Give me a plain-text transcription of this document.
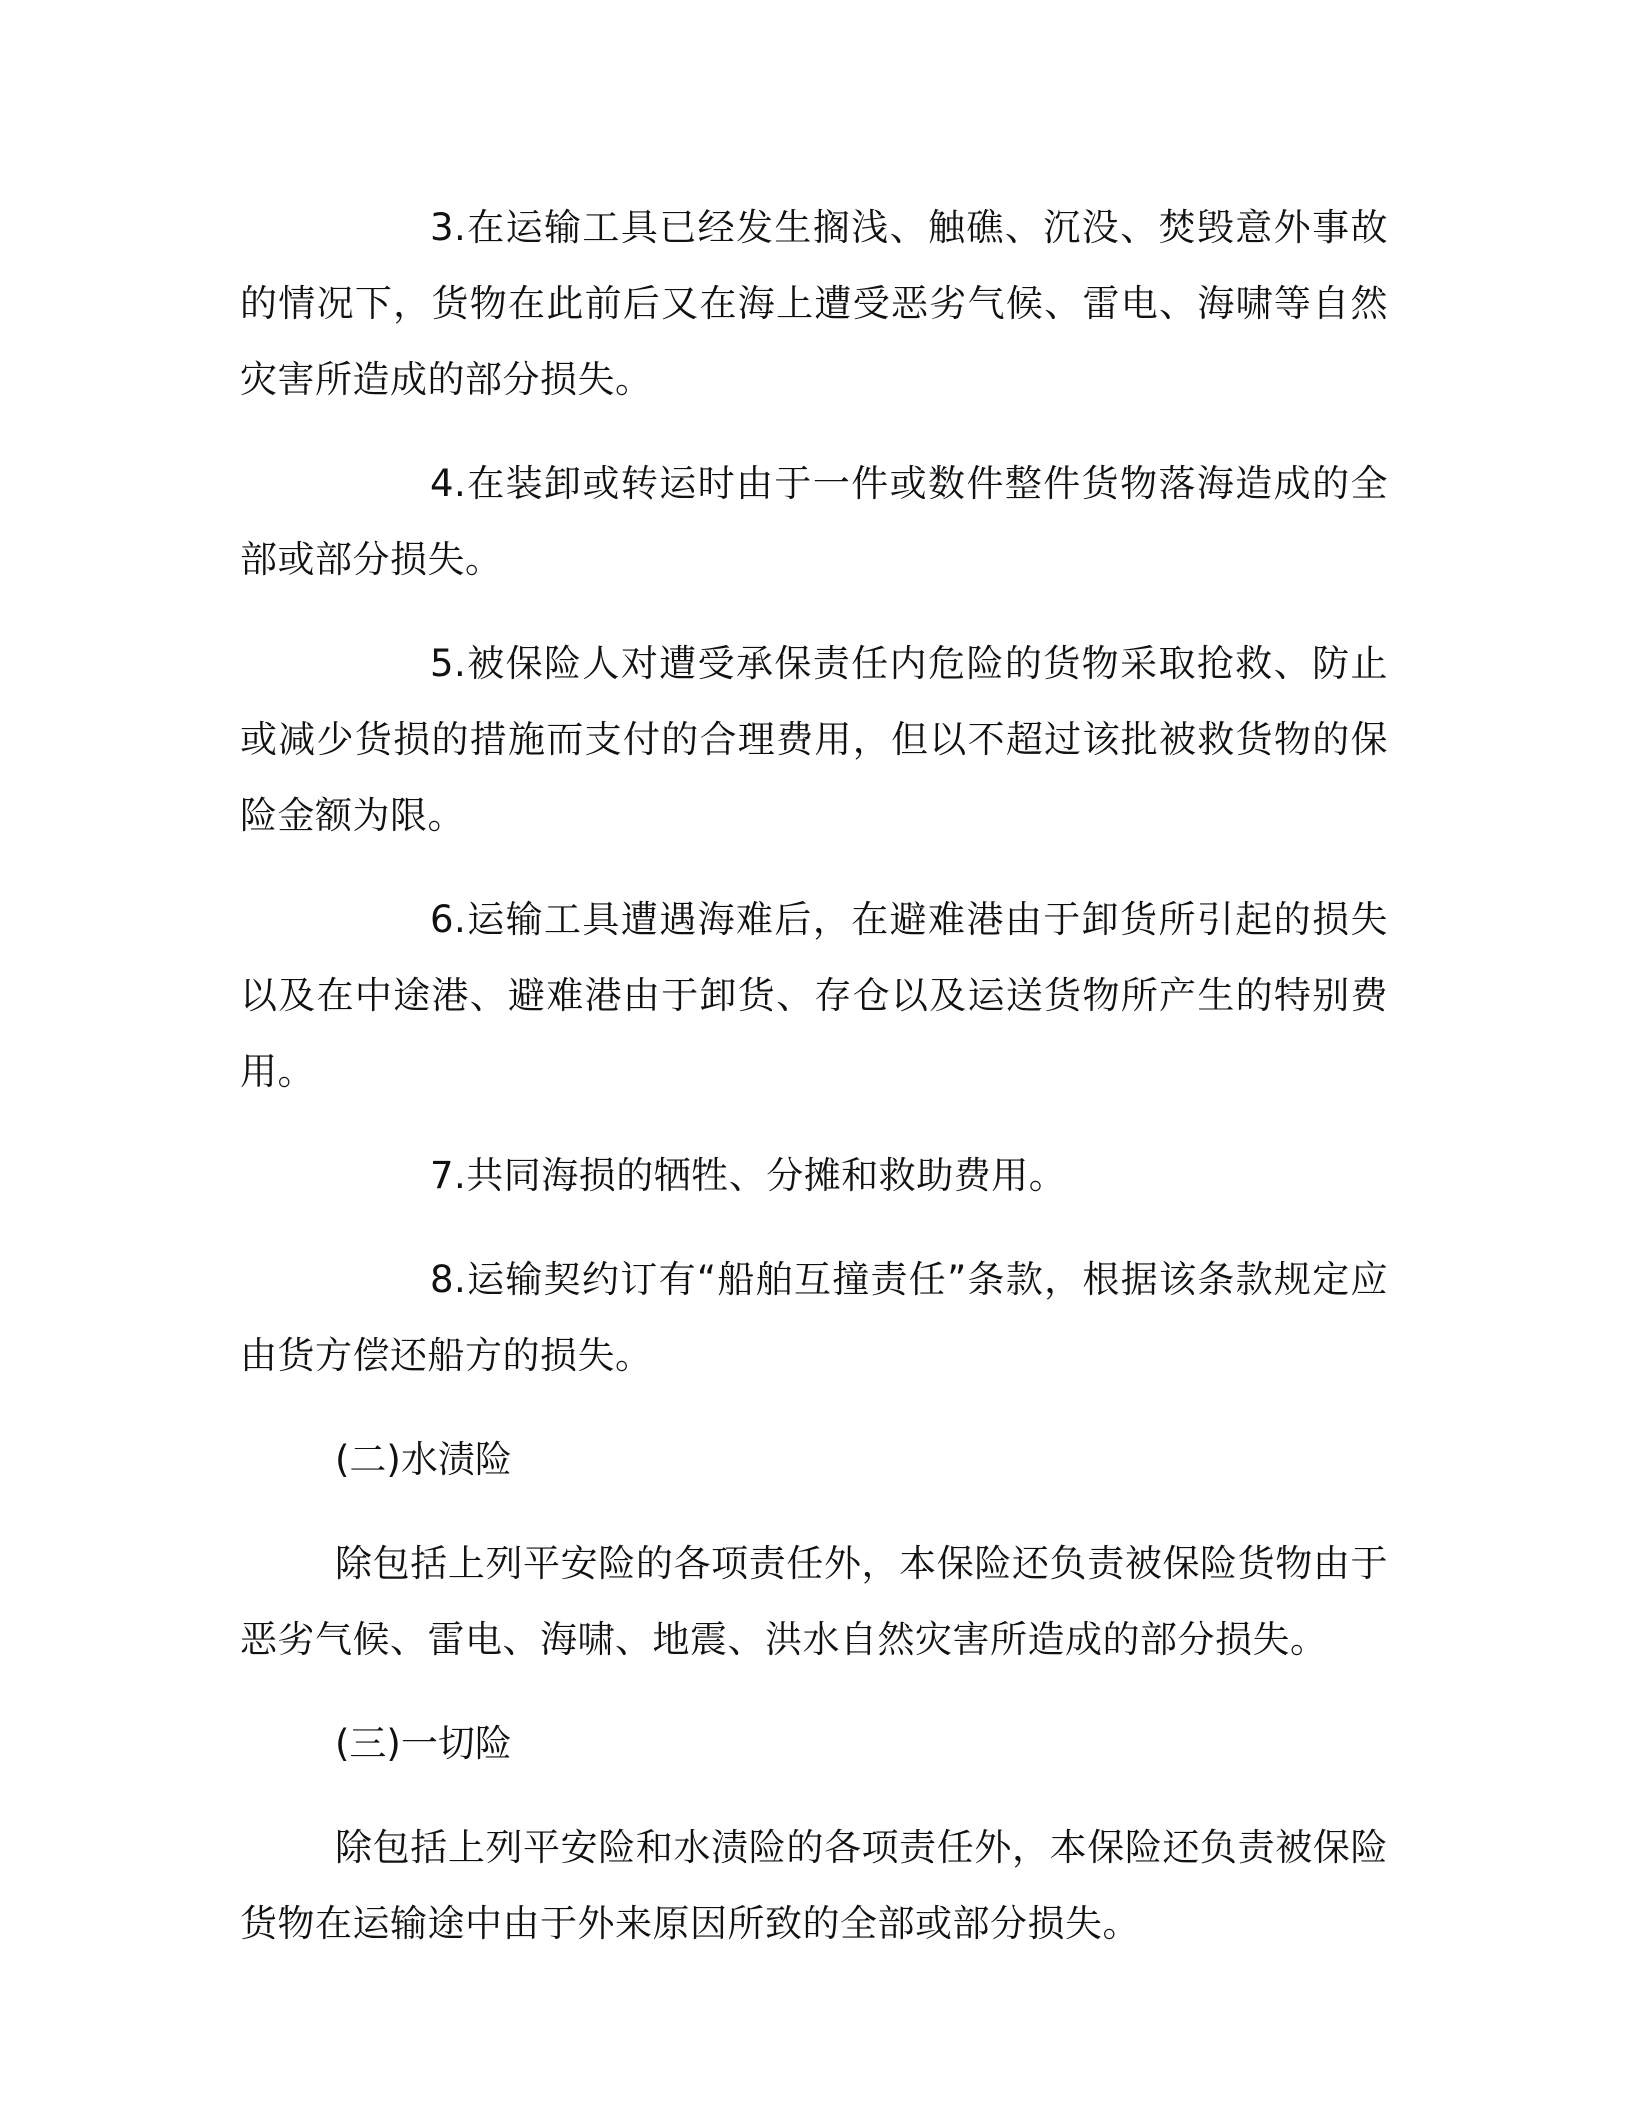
3.在运输工具已经发生搁浅、触礁、沉没、焚毁意外事故的情况下，货物在此前后又在海上遭受恶劣气候、雷电、海啸等自然灾害所造成的部分损失。

4.在装卸或转运时由于一件或数件整件货物落海造成的全部或部分损失。

5.被保险人对遭受承保责任内危险的货物采取抢救、防止或减少货损的措施而支付的合理费用，但以不超过该批被救货物的保险金额为限。

6.运输工具遭遇海难后，在避难港由于卸货所引起的损失以及在中途港、避难港由于卸货、存仓以及运送货物所产生的特别费用。

7.共同海损的牺牲、分摊和救助费用。

8.运输契约订有“船舶互撞责任”条款，根据该条款规定应由货方偿还船方的损失。

(二)水渍险

除包括上列平安险的各项责任外，本保险还负责被保险货物由于恶劣气候、雷电、海啸、地震、洪水自然灾害所造成的部分损失。

(三)一切险

除包括上列平安险和水渍险的各项责任外，本保险还负责被保险货物在运输途中由于外来原因所致的全部或部分损失。
